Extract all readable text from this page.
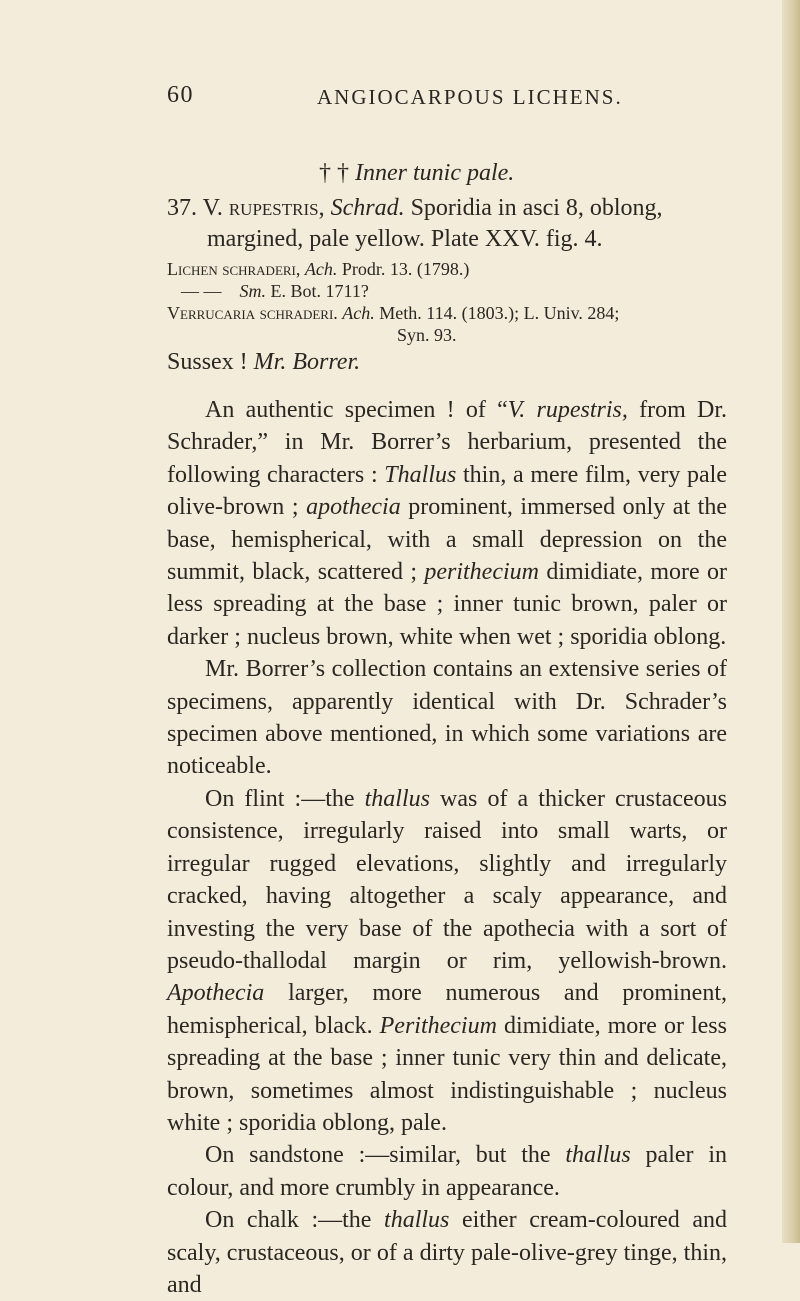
60	ANGIOCARPOUS LICHENS.
† † Inner tunic pale.

37. V. rupestris, Schrad. Sporidia in asci 8, oblong,

margined, pale yellow. Plate XXV. fig. 4.

Lichen schraderi, Ach. Prodr. 13. (1798.)
— — Sm. E. Bot. 1711?
Verrucaria schraderi. Ach. Meth. 114. (1803.); L. Univ. 284;
Syn. 93.
Sussex ! Mr. Borrer.

An authentic specimen ! of “V. rupestris, from Dr. Schrader,” in Mr. Borrer’s herbarium, presented the following characters : Thallus thin, a mere film, very pale olive-brown ; apothecia prominent, immersed only at the base, hemispherical, with a small depression on the summit, black, scattered ; perithecium dimidiate, more or less spreading at the base ; inner tunic brown, paler or darker ; nucleus brown, white when wet ; sporidia oblong.

Mr. Borrer’s collection contains an extensive series of specimens, apparently identical with Dr. Schrader’s specimen above mentioned, in which some variations are noticeable.

On flint :—the thallus was of a thicker crustaceous consistence, irregularly raised into small warts, or irregular rugged elevations, slightly and irregularly cracked, having altogether a scaly appearance, and investing the very base of the apothecia with a sort of pseudo-thallodal margin or rim, yellowish-brown. Apothecia larger, more numerous and prominent, hemispherical, black. Perithecium dimidiate, more or less spreading at the base ; inner tunic very thin and delicate, brown, sometimes almost indistinguishable ; nucleus white ; sporidia oblong, pale.

On sandstone :—similar, but the thallus paler in colour, and more crumbly in appearance.

On chalk :—the thallus either cream-coloured and scaly, crustaceous, or of a dirty pale-olive-grey tinge, thin, and
